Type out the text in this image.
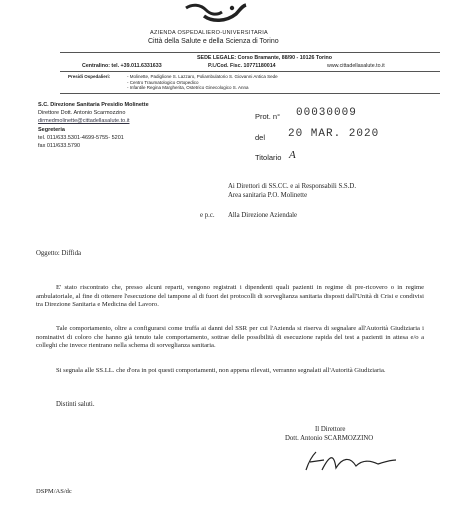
AZIENDA OSPEDALIERO-UNIVERSITARIA
Città della Salute e della Scienza di Torino
SEDE LEGALE: Corso Bramante, 88/90 - 10126 Torino
Centralino: tel. +39.011.6331633	P.I./Cod. Fisc. 10771180014	www.cittadellasalute.to.it
Presidi Ospedalieri:	- Molinette, Padiglione S. Lazzaro, Poliambulatorio S. Giovanni Antica Sede
- Centro Traumatologico Ortopedico
- Infantile Regina Margherita, Ostetrico Ginecologico S. Anna
S.C. Direzione Sanitaria Presidio Molinette
Direttore Dott. Antonio Scarmozzino
dirmedmolinette@cittadellasalute.to.it
Segreteria
tel. 011/633.5301-4699-5755- 5201
fax 011/633.5790
Prot. n° 00030009
del 20 MAR. 2020
Titolario A
Ai Direttori di SS.CC. e ai Responsabili S.S.D.
Area sanitaria P.O. Molinette
e p.c. Alla Direzione Aziendale
Oggetto: Diffida

E' stato riscontrato che, presso alcuni reparti, vengono registrati i dipendenti quali pazienti in regime di pre-ricovero o in regime ambulatoriale, al fine di ottenere l'esecuzione del tampone al di fuori dei protocolli di sorveglianza sanitaria disposti dall'Unità di Crisi e condivisi tra Direzione Sanitaria e Medicina del Lavoro.

Tale comportamento, oltre a configurarsi come truffa ai danni del SSR per cui l'Azienda si riserva di segnalare all'Autorità Giudiziaria i nominativi di coloro che hanno già tenuto tale comportamento, sottrae delle possibilità di esecuzione rapida del test a pazienti in attesa e/o a colleghi che invece rientrano nella schema di sorveglianza sanitaria.

Si segnala alle SS.LL. che d'ora in poi questi comportamenti, non appena rilevati, verranno segnalati all'Autorità Giudiziaria.

Distinti saluti.
Il Direttore
Dott. Antonio SCARMOZZINO
DSPM/AS/dc
